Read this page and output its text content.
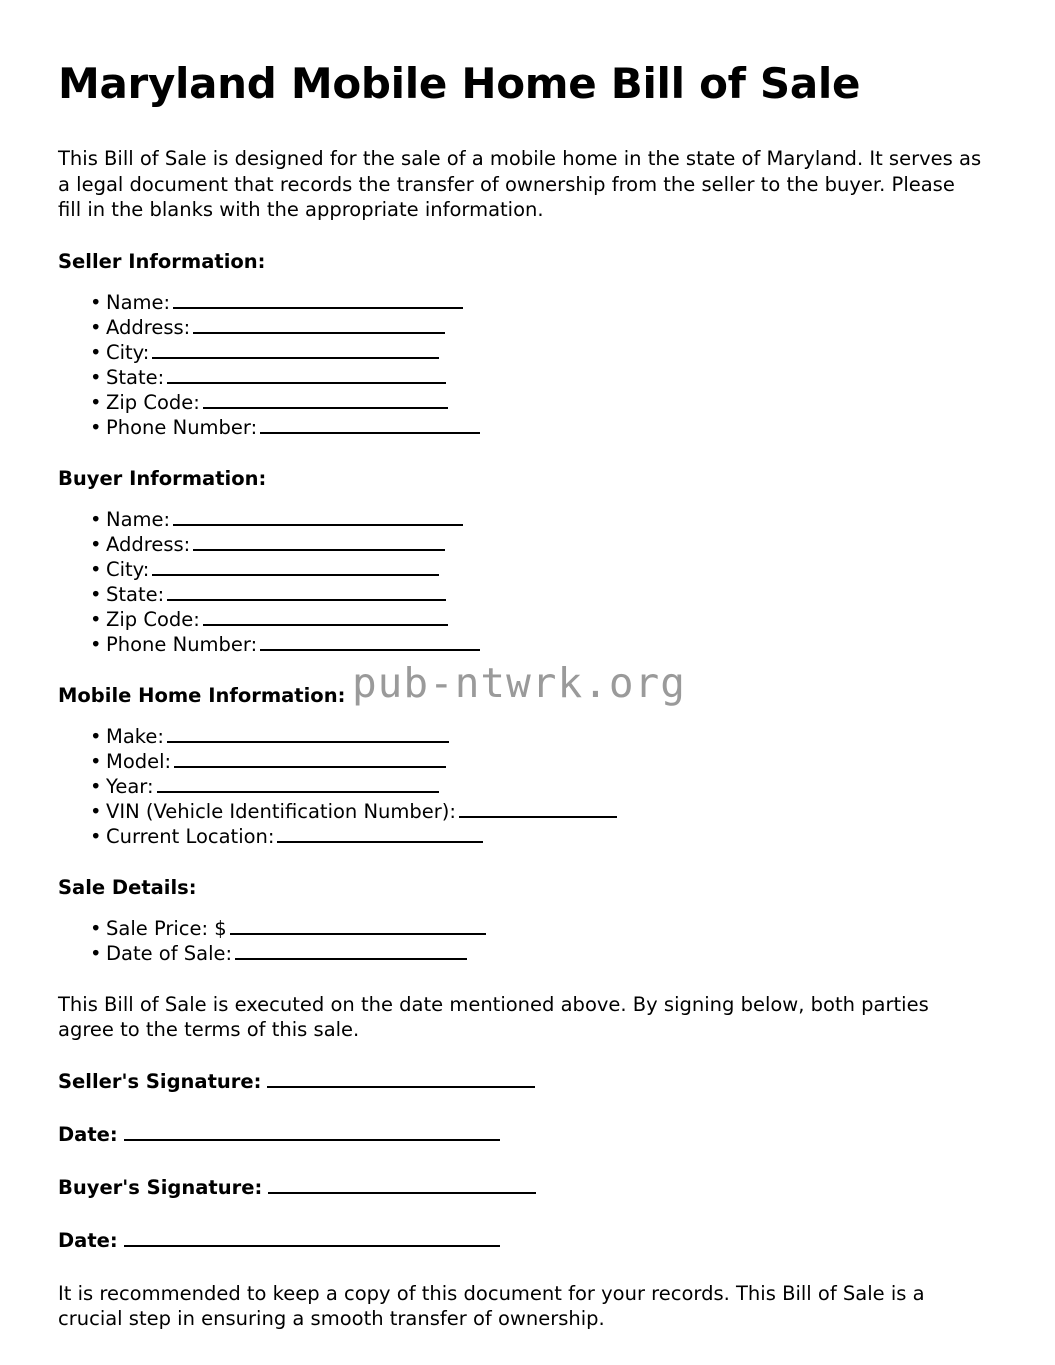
Maryland Mobile Home Bill of Sale

This Bill of Sale is designed for the sale of a mobile home in the state of Maryland. It serves as a legal document that records the transfer of ownership from the seller to the buyer. Please fill in the blanks with the appropriate information.

Seller Information:
• Name:
• Address:
• City:
• State:
• Zip Code:
• Phone Number:
Buyer Information:
• Name:
• Address:
• City:
• State:
• Zip Code:
• Phone Number:
Mobile Home Information:
• Make:
• Model:
• Year:
• VIN (Vehicle Identification Number):
• Current Location:
Sale Details:
• Sale Price: $
• Date of Sale:

This Bill of Sale is executed on the date mentioned above. By signing below, both parties agree to the terms of this sale.

Seller's Signature:
Date:
Buyer's Signature:
Date:

It is recommended to keep a copy of this document for your records. This Bill of Sale is a crucial step in ensuring a smooth transfer of ownership.

pub-ntwrk.org
